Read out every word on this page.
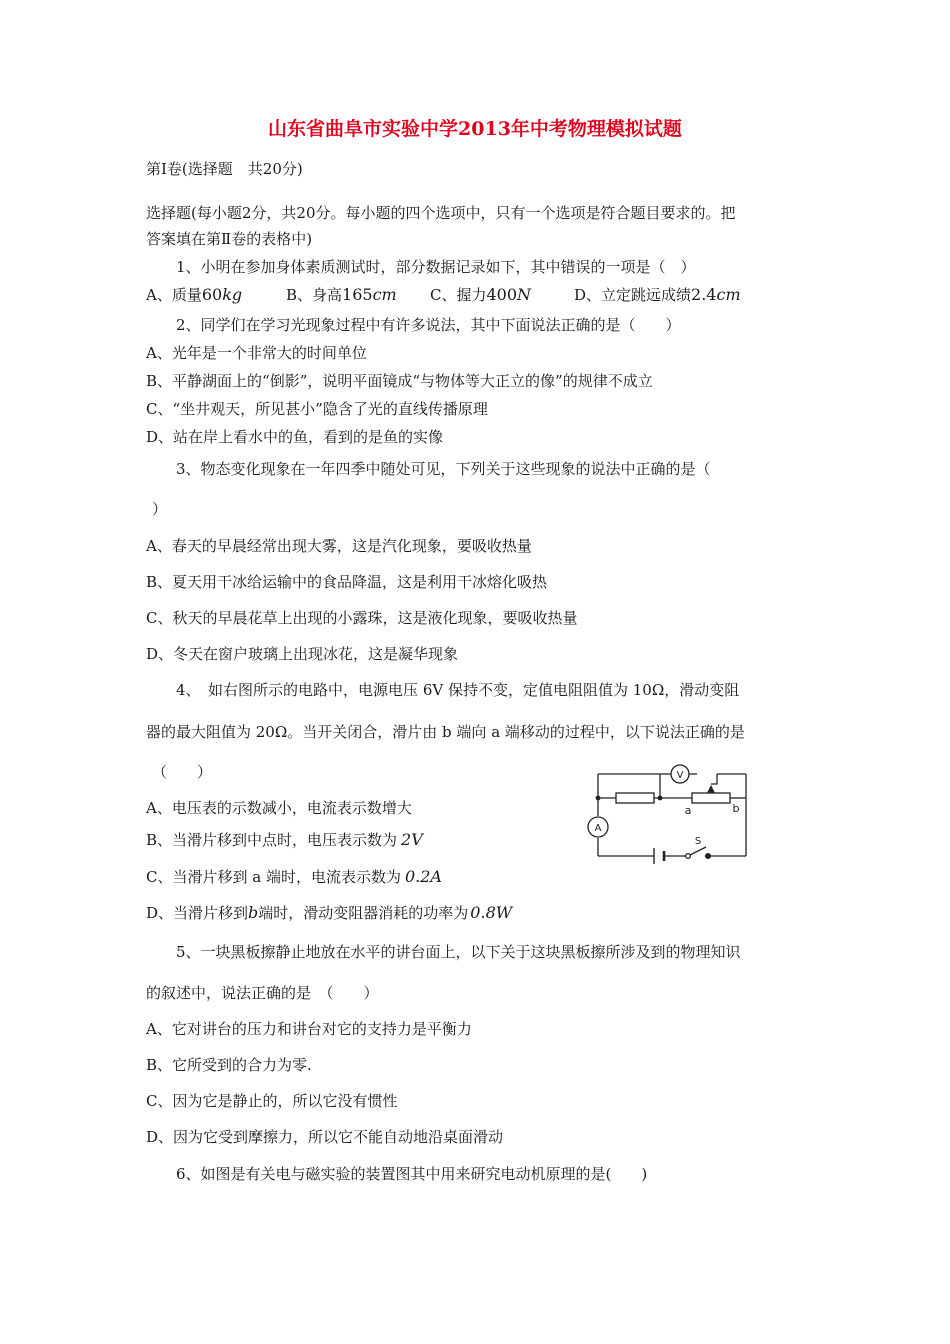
山东省曲阜市实验中学2013年中考物理模拟试题
第Ⅰ卷(选择题　共20分)
选择题(每小题2分，共20分。每小题的四个选项中，只有一个选项是符合题目要求的。把
答案填在第Ⅱ卷的表格中)
1、小明在参加身体素质测试时，部分数据记录如下，其中错误的一项是（　）
A、质量60kg	B、身高165cm C、握力400N	D、立定跳远成绩2.4cm
2、同学们在学习光现象过程中有许多说法，其中下面说法正确的是（　　）
A、光年是一个非常大的时间单位
B、平静湖面上的“倒影”，说明平面镜成“与物体等大正立的像”的规律不成立
C、“坐井观天，所见甚小”隐含了光的直线传播原理
D、站在岸上看水中的鱼，看到的是鱼的实像
3、物态变化现象在一年四季中随处可见，下列关于这些现象的说法中正确的是（
）
A、春天的早晨经常出现大雾，这是汽化现象，要吸收热量
B、夏天用干冰给运输中的食品降温，这是利用干冰熔化吸热
C、秋天的早晨花草上出现的小露珠，这是液化现象，要吸收热量
D、冬天在窗户玻璃上出现冰花，这是凝华现象
4、　如右图所示的电路中，电源电压 6V 保持不变，定值电阻阻值为 10Ω，滑动变阻
器的最大阻值为 20Ω。当开关闭合，滑片由 b 端向 a 端移动的过程中，以下说法正确的是
（　　）
A、电压表的示数减小，电流表示数增大
B、当滑片移到中点时，电压表示数为 2V
C、当滑片移到 a 端时，电流表示数为 0.2A
D、当滑片移到b端时，滑动变阻器消耗的功率为 0.8W
V
A
a	b
S
5、一块黑板擦静止地放在水平的讲台面上，以下关于这块黑板擦所涉及到的物理知识
的叙述中，说法正确的是　（　　）
A、它对讲台的压力和讲台对它的支持力是平衡力
B、它所受到的合力为零.
C、因为它是静止的，所以它没有惯性
D、因为它受到摩擦力，所以它不能自动地沿桌面滑动
6、如图是有关电与磁实验的装置图其中用来研究电动机原理的是(　　)
